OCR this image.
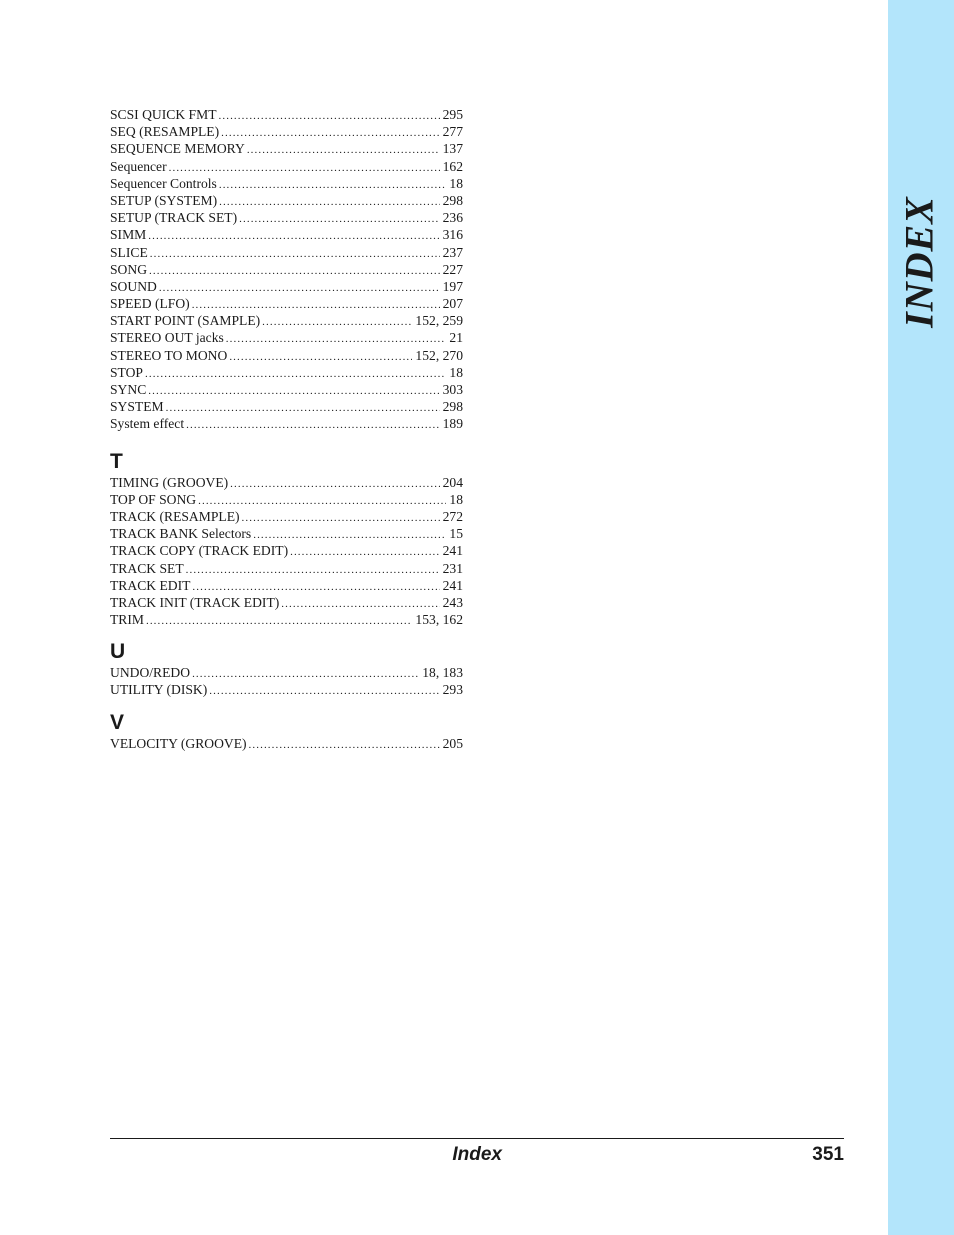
INDEX
SCSI QUICK FMT .....	295
SEQ (RESAMPLE) .....	277
SEQUENCE MEMORY .....	137
Sequencer .....	162
Sequencer Controls .....	18
SETUP (SYSTEM) .....	298
SETUP (TRACK SET) .....	236
SIMM .....	316
SLICE .....	237
SONG .....	227
SOUND .....	197
SPEED (LFO) .....	207
START POINT (SAMPLE) .....	152, 259
STEREO OUT jacks .....	21
STEREO TO MONO .....	152, 270
STOP .....	18
SYNC .....	303
SYSTEM .....	298
System effect .....	189
T
TIMING (GROOVE) .....	204
TOP OF SONG .....	18
TRACK (RESAMPLE) .....	272
TRACK BANK Selectors .....	15
TRACK COPY (TRACK EDIT) .....	241
TRACK SET .....	231
TRACK EDIT .....	241
TRACK INIT (TRACK EDIT) .....	243
TRIM .....	153, 162
U
UNDO/REDO .....	18, 183
UTILITY (DISK) .....	293
V
VELOCITY (GROOVE) .....	205
Index	351
